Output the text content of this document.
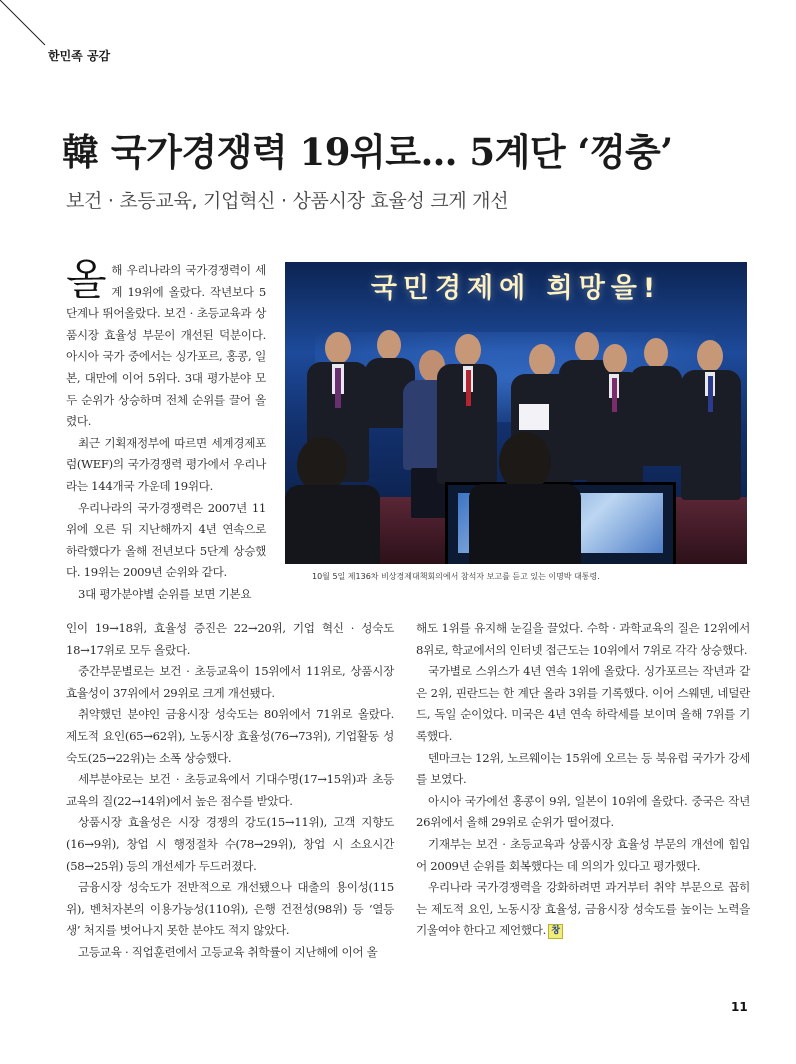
한민족 공감
韓 국가경쟁력 19위로… 5계단 ‘껑충’
보건 · 초등교육, 기업혁신 · 상품시장 효율성 크게 개선

올해 우리나라의 국가경쟁력이 세계 19위에 올랐다. 작년보다 5단계나 뛰어올랐다. 보건 · 초등교육과 상품시장 효율성 부문이 개선된 덕분이다. 아시아 국가 중에서는 싱가포르, 홍콩, 일본, 대만에 이어 5위다. 3대 평가분야 모두 순위가 상승하며 전체 순위를 끌어 올렸다.

최근 기획재정부에 따르면 세계경제포럼(WEF)의 국가경쟁력 평가에서 우리나라는 144개국 가운데 19위다.

우리나라의 국가경쟁력은 2007년 11위에 오른 뒤 지난해까지 4년 연속으로 하락했다가 올해 전년보다 5단계 상승했다. 19위는 2009년 순위와 같다.

3대 평가분야별 순위를 보면 기본요

국민경제에 희망을!
10월 5일 제136차 비상경제대책회의에서 참석자 보고를 듣고 있는 이명박 대통령.

인이 19→18위, 효율성 증진은 22→20위, 기업 혁신 · 성숙도 18→17위로 모두 올랐다.

중간부문별로는 보건 · 초등교육이 15위에서 11위로, 상품시장 효율성이 37위에서 29위로 크게 개선됐다.

취약했던 분야인 금융시장 성숙도는 80위에서 71위로 올랐다. 제도적 요인(65→62위), 노동시장 효율성(76→73위), 기업활동 성숙도(25→22위)는 소폭 상승했다.

세부분야로는 보건 · 초등교육에서 기대수명(17→15위)과 초등교육의 질(22→14위)에서 높은 점수를 받았다.

상품시장 효율성은 시장 경쟁의 강도(15→11위), 고객 지향도(16→9위), 창업 시 행정절차 수(78→29위), 창업 시 소요시간(58→25위) 등의 개선세가 두드러졌다.

금융시장 성숙도가 전반적으로 개선됐으나 대출의 용이성(115위), 벤처자본의 이용가능성(110위), 은행 건전성(98위) 등 ‘열등생’ 처지를 벗어나지 못한 분야도 적지 않았다.

고등교육 · 직업훈련에서 고등교육 취학률이 지난해에 이어 올

해도 1위를 유지해 눈길을 끌었다. 수학 · 과학교육의 질은 12위에서 8위로, 학교에서의 인터넷 접근도는 10위에서 7위로 각각 상승했다.

국가별로 스위스가 4년 연속 1위에 올랐다. 싱가포르는 작년과 같은 2위, 핀란드는 한 계단 올라 3위를 기록했다. 이어 스웨덴, 네덜란드, 독일 순이었다. 미국은 4년 연속 하락세를 보이며 올해 7위를 기록했다.

덴마크는 12위, 노르웨이는 15위에 오르는 등 북유럽 국가가 강세를 보였다.

아시아 국가에선 홍콩이 9위, 일본이 10위에 올랐다. 중국은 작년 26위에서 올해 29위로 순위가 떨어졌다.

기재부는 보건 · 초등교육과 상품시장 효율성 부문의 개선에 힘입어 2009년 순위를 회복했다는 데 의의가 있다고 평가했다.

우리나라 국가경쟁력을 강화하려면 과거부터 취약 부문으로 꼽히는 제도적 요인, 노동시장 효율성, 금융시장 성숙도를 높이는 노력을 기울여야 한다고 제언했다. 창

11
